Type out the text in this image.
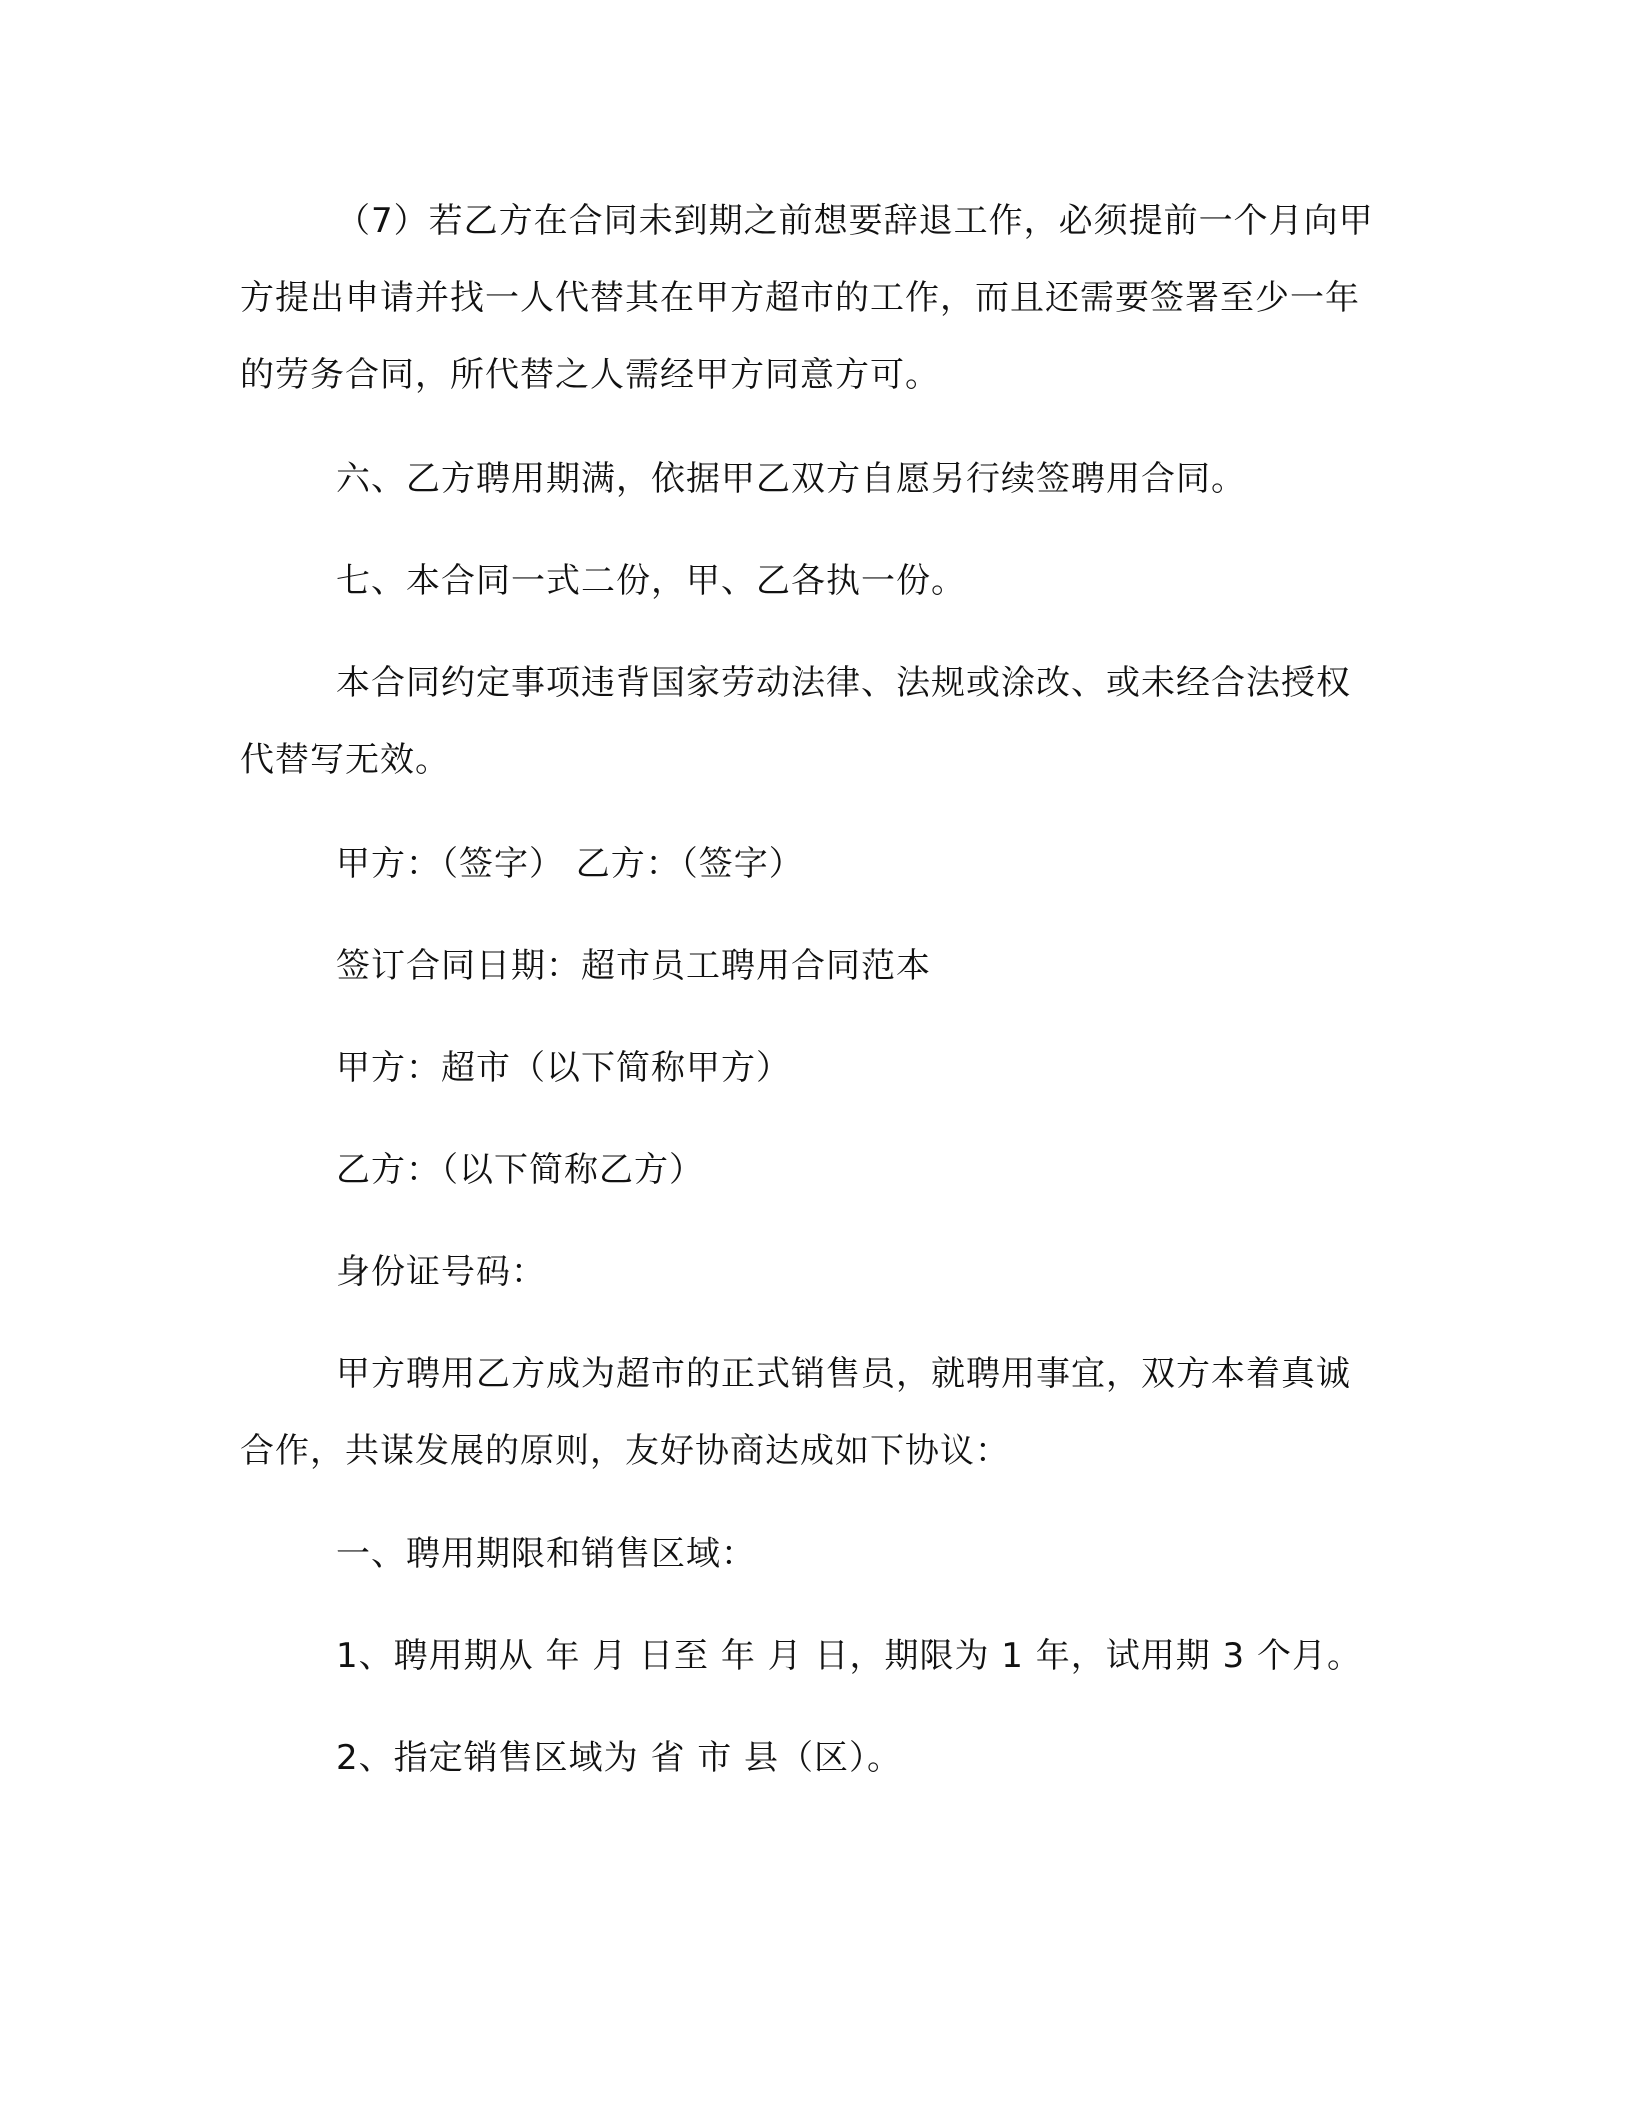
（7）若乙方在合同未到期之前想要辞退工作，必须提前一个月向甲方提出申请并找一人代替其在甲方超市的工作，而且还需要签署至少一年的劳务合同，所代替之人需经甲方同意方可。

六、乙方聘用期满，依据甲乙双方自愿另行续签聘用合同。

七、本合同一式二份，甲、乙各执一份。

本合同约定事项违背国家劳动法律、法规或涂改、或未经合法授权代替写无效。

甲方：（签字） 乙方：（签字）

签订合同日期：超市员工聘用合同范本

甲方：超市（以下简称甲方）

乙方：（以下简称乙方）

身份证号码：

甲方聘用乙方成为超市的正式销售员，就聘用事宜，双方本着真诚合作，共谋发展的原则，友好协商达成如下协议：

一、聘用期限和销售区域：

1、聘用期从 年 月 日至 年 月 日，期限为 1 年，试用期 3 个月。

2、指定销售区域为 省 市 县（区）。
